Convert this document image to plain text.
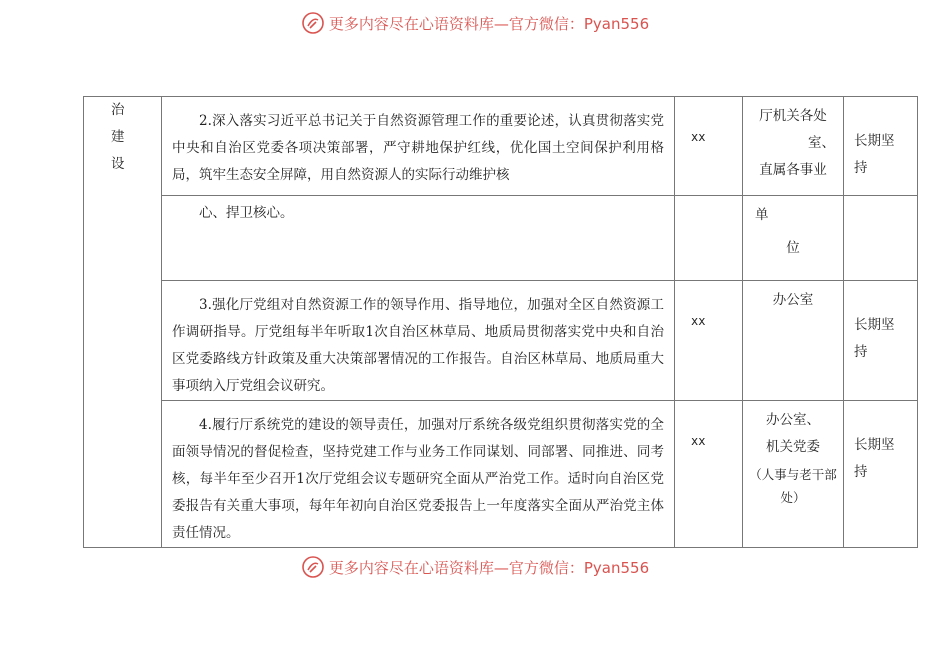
更多内容尽在心语资料库—官方微信：Pyan556
治
建
设	2.深入落实习近平总书记关于自然资源管理工作的重要论述，认真贯彻落实党中央和自治区党委各项决策部署，严守耕地保护红线，优化国土空间保护利用格局，筑牢生态安全屏障，用自然资源人的实际行动维护核	xx	厅机关各处
室、
直属各事业	长期坚
持

	心、捍卫核心。		单
位	

	3.强化厅党组对自然资源工作的领导作用、指导地位，加强对全区自然资源工作调研指导。厅党组每半年听取1次自治区林草局、地质局贯彻落实党中央和自治区党委路线方针政策及重大决策部署情况的工作报告。自治区林草局、地质局重大事项纳入厅党组会议研究。	xx	办公室	长期坚
持

	4.履行厅系统党的建设的领导责任，加强对厅系统各级党组织贯彻落实党的全面领导情况的督促检查，坚持党建工作与业务工作同谋划、同部署、同推进、同考核，每半年至少召开1次厅党组会议专题研究全面从严治党工作。适时向自治区党委报告有关重大事项，每年年初向自治区党委报告上一年度落实全面从严治党主体责任情况。	xx	办公室、
机关党委
（人事与老干部
处）	长期坚
持
更多内容尽在心语资料库—官方微信：Pyan556
